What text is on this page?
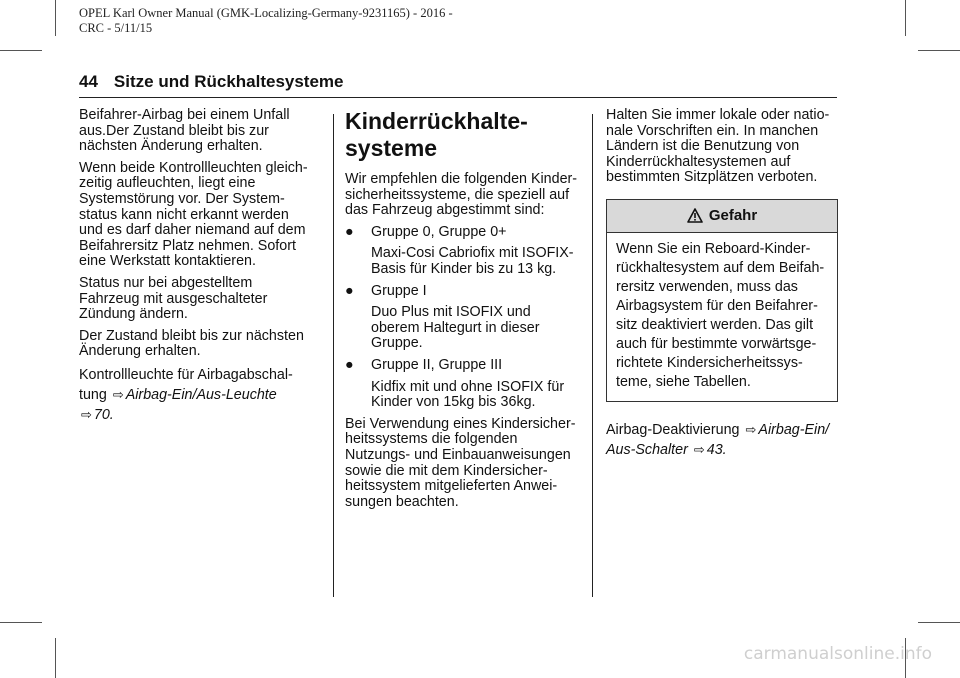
OPEL Karl Owner Manual (GMK-Localizing-Germany-9231165) - 2016 -
CRC - 5/11/15
44 Sitze und Rückhaltesysteme

Beifahrer-Airbag bei einem Unfall
aus.Der Zustand bleibt bis zur
nächsten Änderung erhalten.

Wenn beide Kontrollleuchten gleich-
zeitig aufleuchten, liegt eine
Systemstörung vor. Der System-
status kann nicht erkannt werden
und es darf daher niemand auf dem
Beifahrersitz Platz nehmen. Sofort
eine Werkstatt kontaktieren.

Status nur bei abgestelltem
Fahrzeug mit ausgeschalteter
Zündung ändern.

Der Zustand bleibt bis zur nächsten
Änderung erhalten.

Kontrollleuchte für Airbagabschal-
tung ⇨ Airbag-Ein/Aus-Leuchte
⇨ 70.

Kinderrückhalte-
systeme

Wir empfehlen die folgenden Kinder-
sicherheitssysteme, die speziell auf
das Fahrzeug abgestimmt sind:

● Gruppe 0, Gruppe 0+
Maxi-Cosi Cabriofix mit ISOFIX-
Basis für Kinder bis zu 13 kg.
● Gruppe I
Duo Plus mit ISOFIX und
oberem Haltegurt in dieser
Gruppe.
● Gruppe II, Gruppe III
Kidfix mit und ohne ISOFIX für
Kinder von 15kg bis 36kg.

Bei Verwendung eines Kindersicher-
heitssystems die folgenden
Nutzungs- und Einbauanweisungen
sowie die mit dem Kindersicher-
heitssystem mitgelieferten Anwei-
sungen beachten.

Halten Sie immer lokale oder natio-
nale Vorschriften ein. In manchen
Ländern ist die Benutzung von
Kinderrückhaltesystemen auf
bestimmten Sitzplätzen verboten.

Gefahr
Wenn Sie ein Reboard-Kinder-
rückhaltesystem auf dem Beifah-
rersitz verwenden, muss das
Airbagsystem für den Beifahrer-
sitz deaktiviert werden. Das gilt
auch für bestimmte vorwärtsge-
richtete Kindersicherheitssys-
teme, siehe Tabellen.

Airbag-Deaktivierung ⇨ Airbag-Ein/
Aus-Schalter ⇨ 43.

carmanualsonline.info
